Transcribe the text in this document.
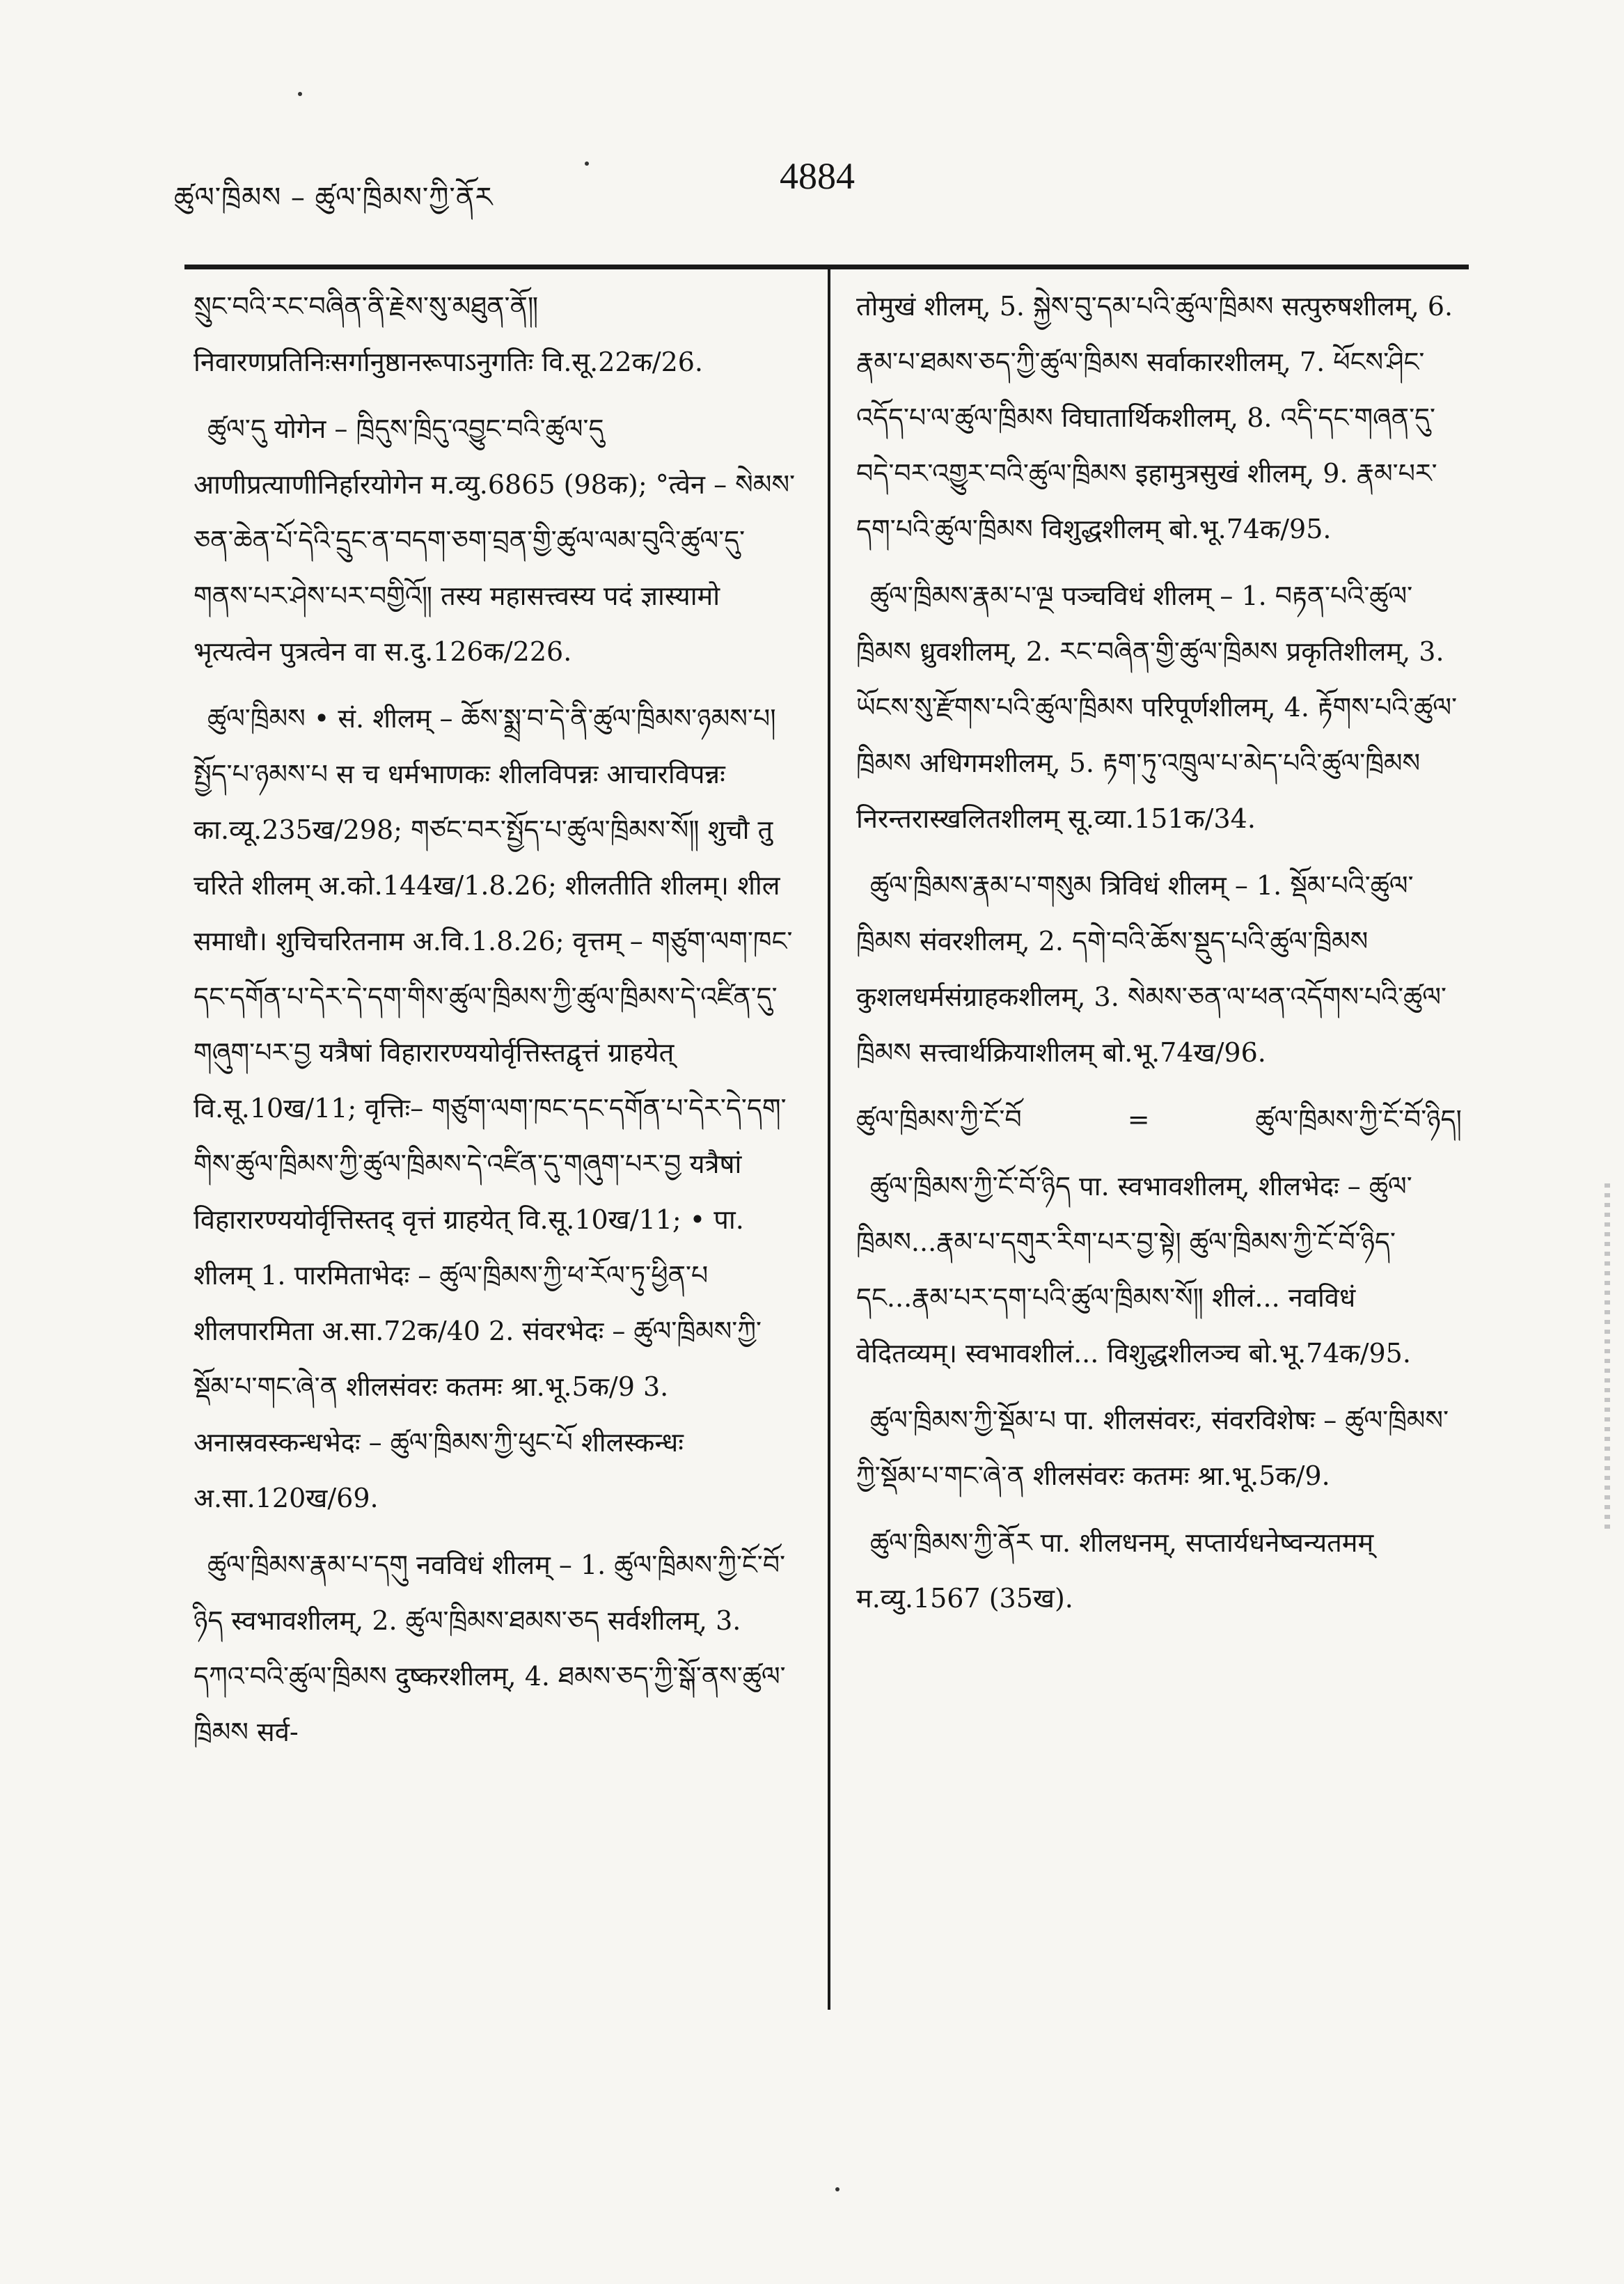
ཚུལ་ཁྲིམས – ཚུལ་ཁྲིམས་ཀྱི་ནོར
4884

སྲུང་བའི་རང་བཞིན་ནི་རྗེས་སུ་མཐུན་ནོ༎ निवारणप्रतिनिःसर्गानुष्ठानरूपाऽनुगतिः वि.सू.22क/26.

ཚུལ་དུ योगेन – ཁྲིདུས་ཁྲིདུ་འབྱུང་བའི་ཚུལ་དུ आणीप्रत्याणीनिर्हारयोगेन म.व्यु.6865 (98क); °त्वेन – སེམས་ཅན་ཆེན་པོ་དེའི་དྲུང་ན་བདག་ཅག་བྲན་གྱི་ཚུལ་ལམ་བུའི་ཚུལ་དུ་གནས་པར་ཤེས་པར་བགྱིའོ༎ तस्य महासत्त्वस्य पदं ज्ञास्यामो भृत्यत्वेन पुत्रत्वेन वा स.दु.126क/226.

ཚུལ་ཁྲིམས • सं. शीलम् – ཆོས་སྨྲ་བ་དེ་ནི་ཚུལ་ཁྲིམས་ཉམས་པ། སྤྱོད་པ་ཉམས་པ स च धर्मभाणकः शीलविपन्नः आचारविपन्नः का.व्यू.235ख/298; གཙང་བར་སྤྱོད་པ་ཚུལ་ཁྲིམས་སོ༎ शुचौ तु चरिते शीलम् अ.को.144ख/1.8.26; शीलतीति शीलम्। शील समाधौ। शुचिचरितनाम अ.वि.1.8.26; वृत्तम् – གཙུག་ལག་ཁང་དང་དགོན་པ་དེར་དེ་དག་གིས་ཚུལ་ཁྲིམས་ཀྱི་ཚུལ་ཁྲིམས་དེ་འཛིན་དུ་གཞུག་པར་བྱ यत्रैषां विहारारण्ययोर्वृत्तिस्तद्वृत्तं ग्राहयेत् वि.सू.10ख/11; वृत्तिः– གཙུག་ལག་ཁང་དང་དགོན་པ་དེར་དེ་དག་གིས་ཚུལ་ཁྲིམས་ཀྱི་ཚུལ་ཁྲིམས་དེ་འཛིན་དུ་གཞུག་པར་བྱ यत्रैषां विहारारण्ययोर्वृत्तिस्तद् वृत्तं ग्राहयेत् वि.सू.10ख/11; • पा. शीलम् 1. पारमिताभेदः – ཚུལ་ཁྲིམས་ཀྱི་ཕ་རོལ་ཏུ་ཕྱིན་པ शीलपारमिता अ.सा.72क/40 2. संवरभेदः – ཚུལ་ཁྲིམས་ཀྱི་སྡོམ་པ་གང་ཞེ་ན शीलसंवरः कतमः श्रा.भू.5क/9 3. अनास्रवस्कन्धभेदः – ཚུལ་ཁྲིམས་ཀྱི་ཕུང་པོ शीलस्कन्धः अ.सा.120ख/69.

ཚུལ་ཁྲིམས་རྣམ་པ་དགུ नवविधं शीलम् – 1. ཚུལ་ཁྲིམས་ཀྱི་ངོ་བོ་ཉིད स्वभावशीलम्, 2. ཚུལ་ཁྲིམས་ཐམས་ཅད सर्वशीलम्, 3. དཀའ་བའི་ཚུལ་ཁྲིམས दुष्करशीलम्, 4. ཐམས་ཅད་ཀྱི་སྒོ་ནས་ཚུལ་ཁྲིམས सर्व-

तोमुखं शीलम्, 5. སྐྱེས་བུ་དམ་པའི་ཚུལ་ཁྲིམས सत्पुरुषशीलम्, 6. རྣམ་པ་ཐམས་ཅད་ཀྱི་ཚུལ་ཁྲིམས सर्वाकारशीलम्, 7. ཕོངས་ཤིང་འདོད་པ་ལ་ཚུལ་ཁྲིམས विघातार्थिकशीलम्, 8. འདི་དང་གཞན་དུ་བདེ་བར་འགྱུར་བའི་ཚུལ་ཁྲིམས इहामुत्रसुखं शीलम्, 9. རྣམ་པར་དག་པའི་ཚུལ་ཁྲིམས विशुद्धशीलम् बो.भू.74क/95.

ཚུལ་ཁྲིམས་རྣམ་པ་ལྔ पञ्चविधं शीलम् – 1. བརྟན་པའི་ཚུལ་ཁྲིམས ध्रुवशीलम्, 2. རང་བཞིན་གྱི་ཚུལ་ཁྲིམས प्रकृतिशीलम्, 3. ཡོངས་སུ་རྫོགས་པའི་ཚུལ་ཁྲིམས परिपूर्णशीलम्, 4. རྟོགས་པའི་ཚུལ་ཁྲིམས अधिगमशीलम्, 5. རྟག་ཏུ་འཁྲུལ་པ་མེད་པའི་ཚུལ་ཁྲིམས निरन्तरास्खलितशीलम् सू.व्या.151क/34.

ཚུལ་ཁྲིམས་རྣམ་པ་གསུམ त्रिविधं शीलम् – 1. སྡོམ་པའི་ཚུལ་ཁྲིམས संवरशीलम्, 2. དགེ་བའི་ཆོས་སྡུད་པའི་ཚུལ་ཁྲིམས कुशलधर्मसंग्राहकशीलम्, 3. སེམས་ཅན་ལ་ཕན་འདོགས་པའི་ཚུལ་ཁྲིམས सत्त्वार्थक्रियाशीलम् बो.भू.74ख/96.

ཚུལ་ཁྲིམས་ཀྱི་ངོ་བོ	=	ཚུལ་ཁྲིམས་ཀྱི་ངོ་བོ་ཉིད།

ཚུལ་ཁྲིམས་ཀྱི་ངོ་བོ་ཉིད पा. स्वभावशीलम्, शीलभेदः – ཚུལ་ཁྲིམས...རྣམ་པ་དགུར་རིག་པར་བྱ་སྟེ། ཚུལ་ཁྲིམས་ཀྱི་ངོ་བོ་ཉིད་དང...རྣམ་པར་དག་པའི་ཚུལ་ཁྲིམས་སོ༎ शीलं... नवविधं वेदितव्यम्। स्वभावशीलं... विशुद्धशीलञ्च बो.भू.74क/95.

ཚུལ་ཁྲིམས་ཀྱི་སྡོམ་པ पा. शीलसंवरः, संवरविशेषः – ཚུལ་ཁྲིམས་ཀྱི་སྡོམ་པ་གང་ཞེ་ན शीलसंवरः कतमः श्रा.भू.5क/9.

ཚུལ་ཁྲིམས་ཀྱི་ནོར पा. शीलधनम्, सप्तार्यधनेष्वन्यतमम् म.व्यु.1567 (35ख).
